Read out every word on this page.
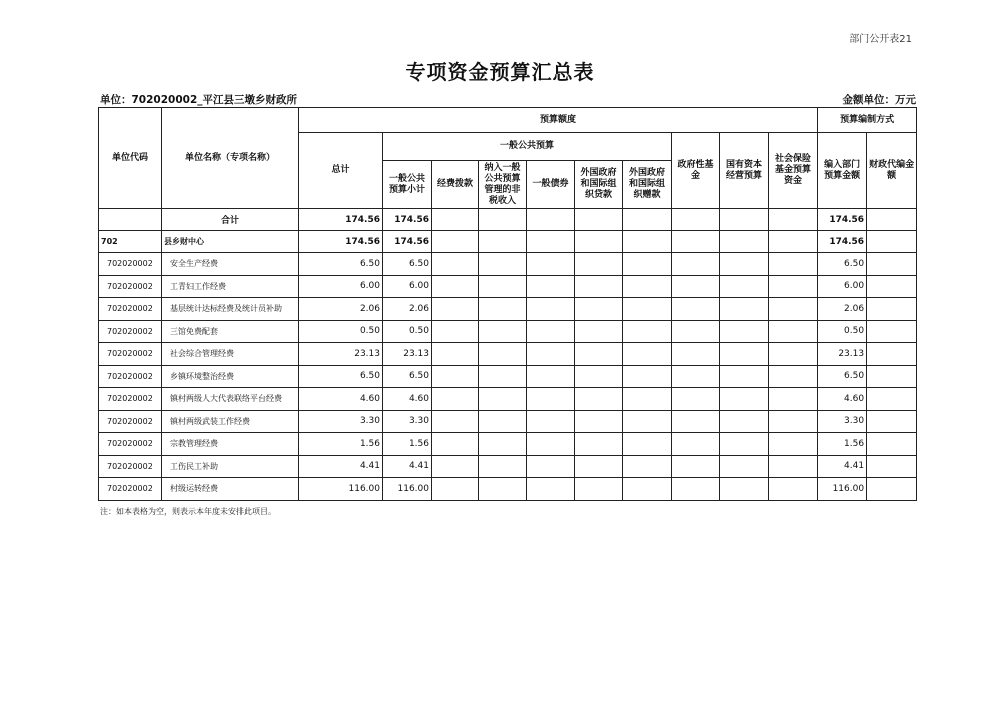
部门公开表21
专项资金预算汇总表
单位：702020002_平江县三墩乡财政所	金额单位：万元
单位代码	单位名称（专项名称）	预算额度										预算编制方式	
		总计	一般公共预算						政府性基金	国有资本经营预算	社会保险基金预算资金	编入部门预算金额	财政代编金额
			一般公共预算小计	经费拨款	纳入一般公共预算管理的非税收入	一般债券	外国政府和国际组织贷款	外国政府和国际组织赠款					
	合计	174.56	174.56									174.56	
702	县乡财中心	174.56	174.56									174.56	
702020002	安全生产经费	6.50	6.50									6.50	
702020002	工青妇工作经费	6.00	6.00									6.00	
702020002	基层统计达标经费及统计员补助	2.06	2.06									2.06	
702020002	三馆免费配套	0.50	0.50									0.50	
702020002	社会综合管理经费	23.13	23.13									23.13	
702020002	乡镇环境整治经费	6.50	6.50									6.50	
702020002	镇村两级人大代表联络平台经费	4.60	4.60									4.60	
702020002	镇村两级武装工作经费	3.30	3.30									3.30	
702020002	宗教管理经费	1.56	1.56									1.56	
702020002	工伤民工补助	4.41	4.41									4.41	
702020002	村级运转经费	116.00	116.00									116.00	
注：如本表格为空，则表示本年度未安排此项目。
